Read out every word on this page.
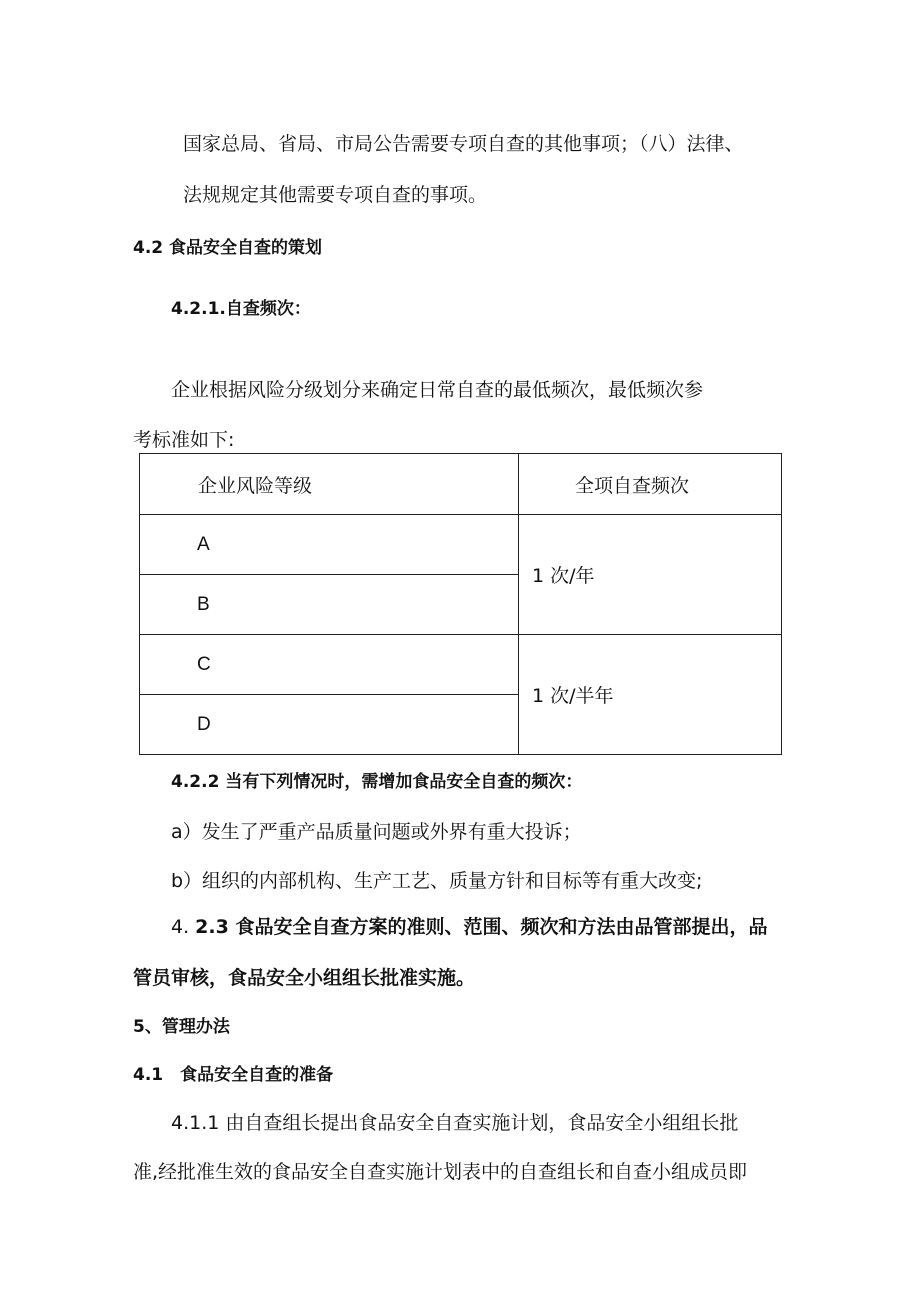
国家总局、省局、市局公告需要专项自查的其他事项；（八）法律、
法规规定其他需要专项自查的事项。
4.2 食品安全自查的策划
4.2.1.自查频次：
企业根据风险分级划分来确定日常自查的最低频次，最低频次参
考标准如下:
企业风险等级	全项自查频次
A	1 次/年
B	
C	1 次/半年
D	
4.2.2 当有下列情况时，需增加食品安全自查的频次：
a）发生了严重产品质量问题或外界有重大投诉；
b）组织的内部机构、生产工艺、质量方针和目标等有重大改变;
4. 2.3 食品安全自查方案的准则、范围、频次和方法由品管部提出，品
管员审核，食品安全小组组长批准实施。
5、管理办法
4.1　食品安全自查的准备
4.1.1 由自查组长提出食品安全自查实施计划，食品安全小组组长批
准,经批准生效的食品安全自查实施计划表中的自查组长和自查小组成员即
